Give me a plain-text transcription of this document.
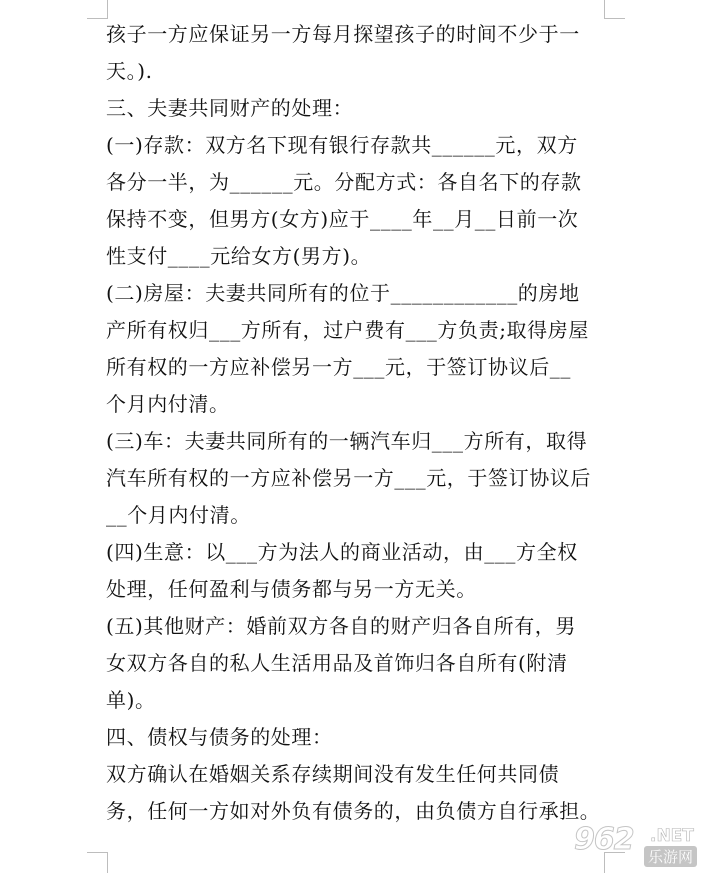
孩子一方应保证另一方每月探望孩子的时间不少于一
天。).
三、夫妻共同财产的处理：
(一)存款：双方名下现有银行存款共______元，双方
各分一半，为______元。分配方式：各自名下的存款
保持不变，但男方(女方)应于____年__月__日前一次
性支付____元给女方(男方)。
(二)房屋：夫妻共同所有的位于____________的房地
产所有权归___方所有，过户费有___方负责;取得房屋
所有权的一方应补偿另一方___元，于签订协议后__
个月内付清。
(三)车：夫妻共同所有的一辆汽车归___方所有，取得
汽车所有权的一方应补偿另一方___元，于签订协议后
__个月内付清。
(四)生意：以___方为法人的商业活动，由___方全权
处理，任何盈利与债务都与另一方无关。
(五)其他财产：婚前双方各自的财产归各自所有，男
女双方各自的私人生活用品及首饰归各自所有(附清
单)。
四、债权与债务的处理：
双方确认在婚姻关系存续期间没有发生任何共同债
务，任何一方如对外负有债务的，由负债方自行承担。
962 .NET
乐游网
